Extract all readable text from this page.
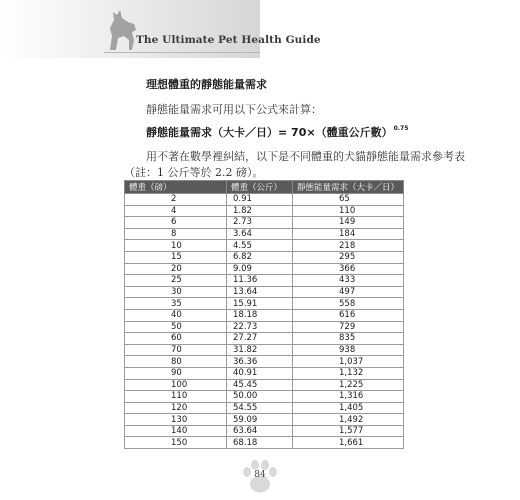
The Ultimate Pet Health Guide
理想體重的靜態能量需求
靜態能量需求可用以下公式來計算：
靜態能量需求（大卡／日）= 70×（體重公斤數）$^{0.75}$
用不著在數學裡糾結，以下是不同體重的犬貓靜態能量需求參考表
（註：1 公斤等於 2.2 磅）。
體重（磅）	體重（公斤）	靜態能量需求（大卡／日）
2	0.91	65
4	1.82	110
6	2.73	149
8	3.64	184
10	4.55	218
15	6.82	295
20	9.09	366
25	11.36	433
30	13.64	497
35	15.91	558
40	18.18	616
50	22.73	729
60	27.27	835
70	31.82	938
80	36.36	1,037
90	40.91	1,132
100	45.45	1,225
110	50.00	1,316
120	54.55	1,405
130	59.09	1,492
140	63.64	1,577
150	68.18	1,661
84
